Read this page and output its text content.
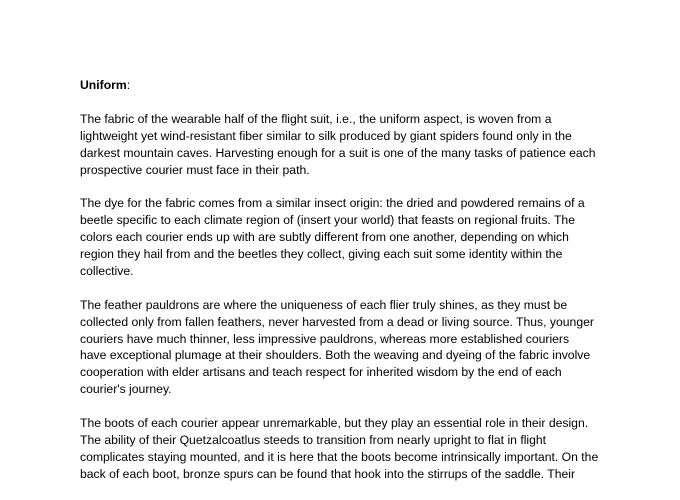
Uniform:

The fabric of the wearable half of the flight suit, i.e., the uniform aspect, is woven from a
lightweight yet wind-resistant fiber similar to silk produced by giant spiders found only in the
darkest mountain caves. Harvesting enough for a suit is one of the many tasks of patience each
prospective courier must face in their path.

The dye for the fabric comes from a similar insect origin: the dried and powdered remains of a
beetle specific to each climate region of (insert your world) that feasts on regional fruits. The
colors each courier ends up with are subtly different from one another, depending on which
region they hail from and the beetles they collect, giving each suit some identity within the
collective.

The feather pauldrons are where the uniqueness of each flier truly shines, as they must be
collected only from fallen feathers, never harvested from a dead or living source. Thus, younger
couriers have much thinner, less impressive pauldrons, whereas more established couriers
have exceptional plumage at their shoulders. Both the weaving and dyeing of the fabric involve
cooperation with elder artisans and teach respect for inherited wisdom by the end of each
courier's journey.

The boots of each courier appear unremarkable, but they play an essential role in their design.
The ability of their Quetzalcoatlus steeds to transition from nearly upright to flat in flight
complicates staying mounted, and it is here that the boots become intrinsically important. On the
back of each boot, bronze spurs can be found that hook into the stirrups of the saddle. Their
